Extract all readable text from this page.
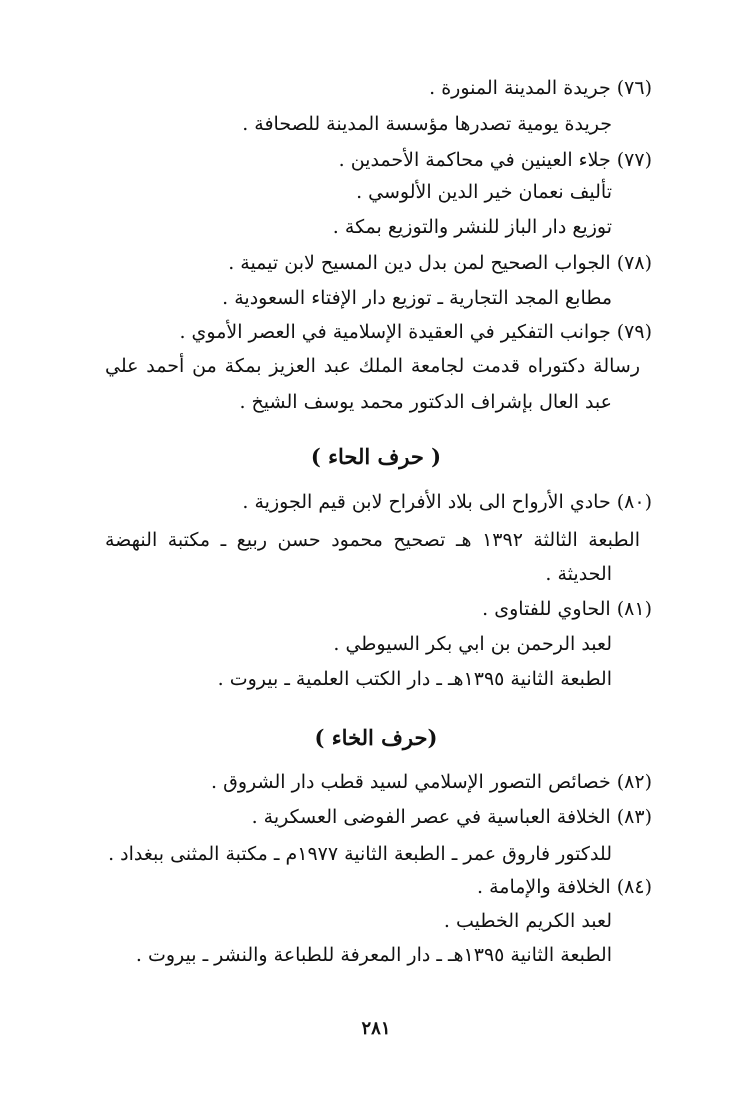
(٧٦) جريدة المدينة المنورة .
جريدة يومية تصدرها مؤسسة المدينة للصحافة .
(٧٧) جلاء العينين في محاكمة الأحمدين .
تأليف نعمان خير الدين الألوسي .
توزيع دار الباز للنشر والتوزيع بمكة .
(٧٨) الجواب الصحيح لمن بدل دين المسيح لابن تيمية .
مطابع المجد التجارية ـ توزيع دار الإفتاء السعودية .
(٧٩) جوانب التفكير في العقيدة الإسلامية في العصر الأموي .
رسالة دكتوراه قدمت لجامعة الملك عبد العزيز بمكة من أحمد علي
عبد العال بإشراف الدكتور محمد يوسف الشيخ .
( حرف الحاء )
(٨٠) حادي الأرواح الى بلاد الأفراح لابن قيم الجوزية .
الطبعة الثالثة ١٣٩٢ هـ تصحيح محمود حسن ربيع ـ مكتبة النهضة
الحديثة .
(٨١) الحاوي للفتاوى .
لعبد الرحمن بن ابي بكر السيوطي .
الطبعة الثانية ١٣٩٥هـ ـ دار الكتب العلمية ـ بيروت .
(حرف الخاء )
(٨٢) خصائص التصور الإسلامي لسيد قطب دار الشروق .
(٨٣) الخلافة العباسية في عصر الفوضى العسكرية .
للدكتور فاروق عمر ـ الطبعة الثانية ١٩٧٧م ـ مكتبة المثنى ببغداد .
(٨٤) الخلافة والإمامة .
لعبد الكريم الخطيب .
الطبعة الثانية ١٣٩٥هـ ـ دار المعرفة للطباعة والنشر ـ بيروت .
٢٨١
